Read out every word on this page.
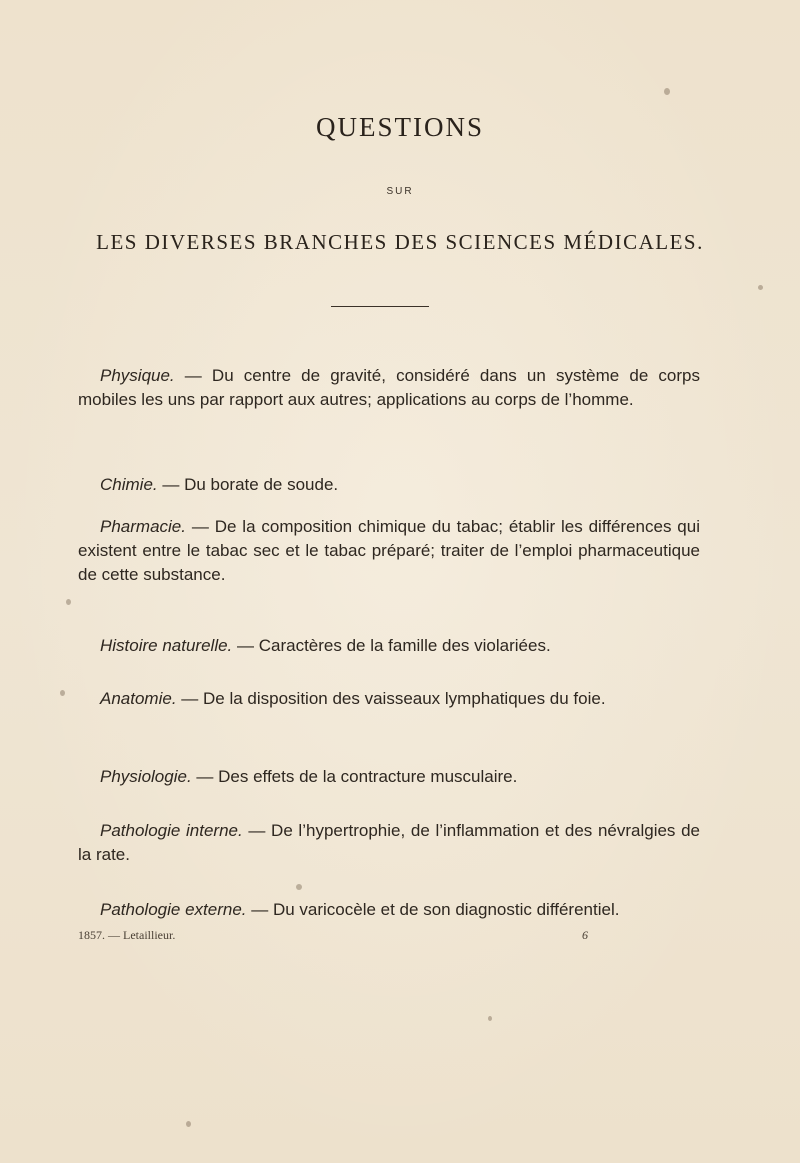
QUESTIONS
SUR
LES DIVERSES BRANCHES DES SCIENCES MÉDICALES.

Physique. — Du centre de gravité, considéré dans un système de corps mobiles les uns par rapport aux autres; applications au corps de l’homme.

Chimie. — Du borate de soude.

Pharmacie. — De la composition chimique du tabac; établir les différences qui existent entre le tabac sec et le tabac préparé; traiter de l’emploi pharmaceutique de cette substance.

Histoire naturelle. — Caractères de la famille des violariées.

Anatomie. — De la disposition des vaisseaux lymphatiques du foie.

Physiologie. — Des effets de la contracture musculaire.

Pathologie interne. — De l’hypertrophie, de l’inflammation et des névralgies de la rate.

Pathologie externe. — Du varicocèle et de son diagnostic différentiel.

1857. — Letaillieur.	6
